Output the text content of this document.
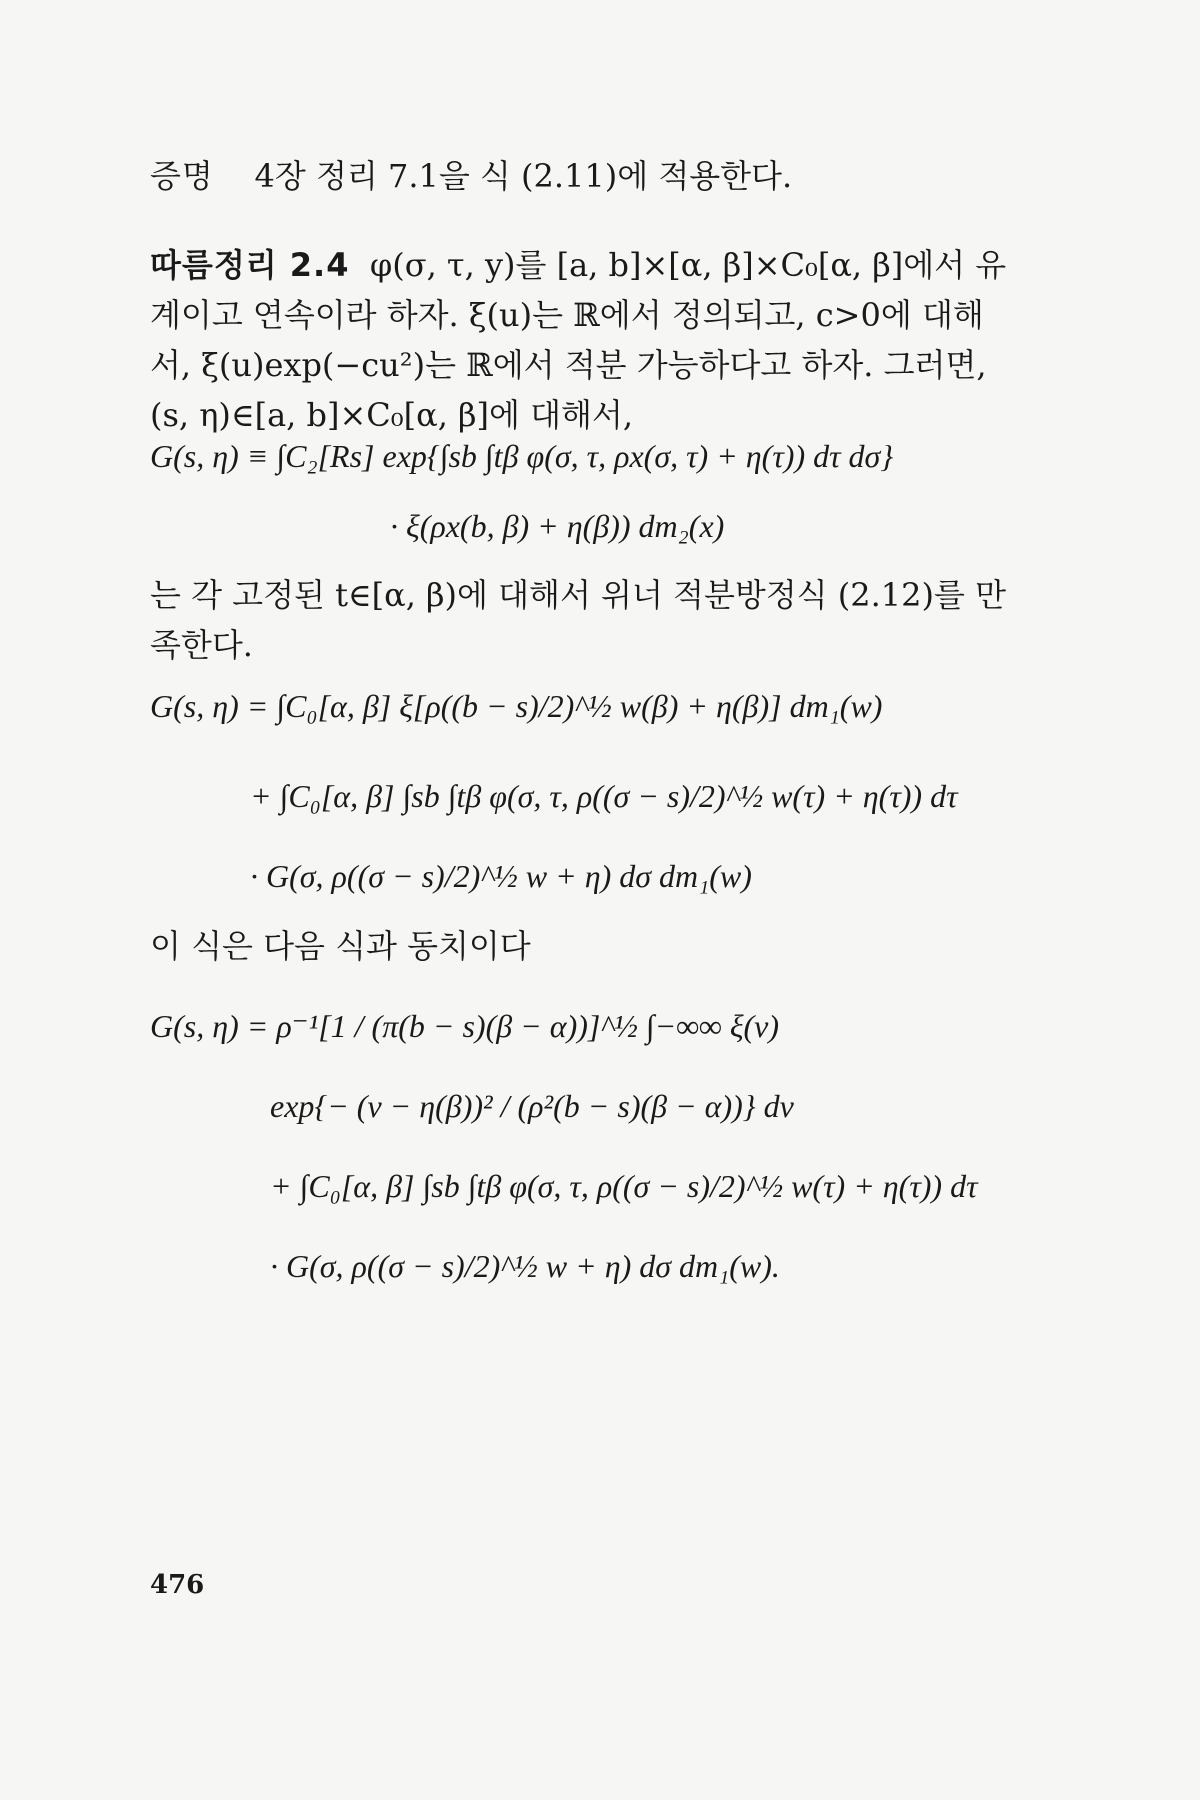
증명 4장 정리 7.1을 식 (2.11)에 적용한다.

따름정리 2.4 φ(σ, τ, y)를 [a, b]×[α, β]×C₀[α, β]에서 유

계이고 연속이라 하자. ξ(u)는 ℝ에서 정의되고, c>0에 대해

서, ξ(u)exp(−cu²)는 ℝ에서 적분 가능하다고 하자. 그러면,

(s, η)∈[a, b]×C₀[α, β]에 대해서,

G(s, η) ≡ ∫C₂[Rs] exp{∫sb ∫tβ φ(σ, τ, ρx(σ, τ) + η(τ)) dτ dσ}
· ξ(ρx(b, β) + η(β)) dm₂(x)

는 각 고정된 t∈[α, β)에 대해서 위너 적분방정식 (2.12)를 만

족한다.

G(s, η) = ∫C₀[α, β] ξ[ρ((b − s)/2)^½ w(β) + η(β)] dm₁(w)
+ ∫C₀[α, β] ∫sb ∫tβ φ(σ, τ, ρ((σ − s)/2)^½ w(τ) + η(τ)) dτ
· G(σ, ρ((σ − s)/2)^½ w + η) dσ dm₁(w)
이 식은 다음 식과 동치이다
G(s, η) = ρ⁻¹[1 / (π(b − s)(β − α))]^½ ∫−∞∞ ξ(v)
exp{− (v − η(β))² / (ρ²(b − s)(β − α))} dv
+ ∫C₀[α, β] ∫sb ∫tβ φ(σ, τ, ρ((σ − s)/2)^½ w(τ) + η(τ)) dτ
· G(σ, ρ((σ − s)/2)^½ w + η) dσ dm₁(w).
476
